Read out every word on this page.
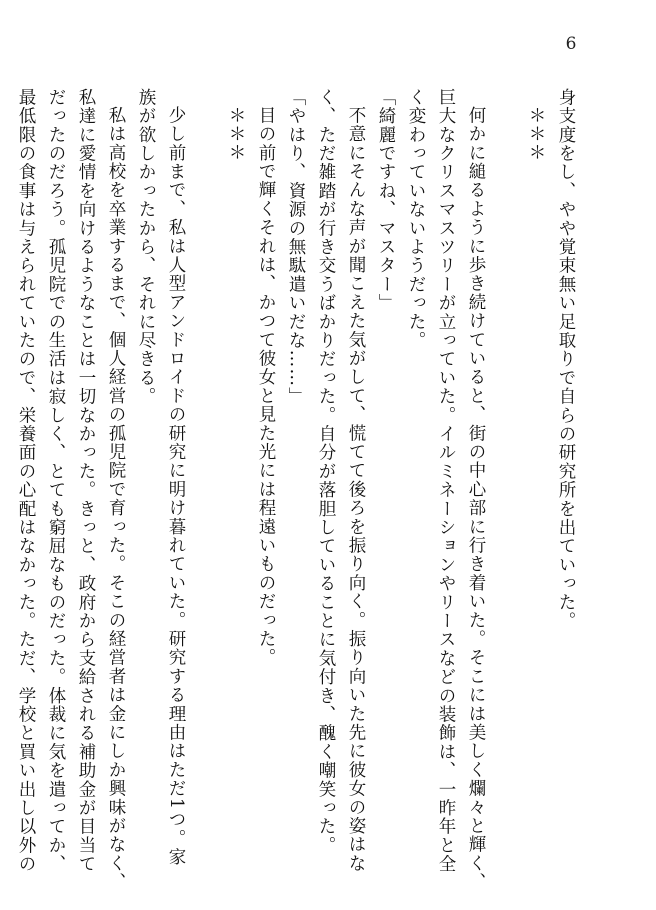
6
身支度をし、やや覚束無い足取りで自らの研究所を出ていった。
＊＊＊
何かに縋るように歩き続けていると、街の中心部に行き着いた。そこには美しく爛々と輝く、
巨大なクリスマスツリーが立っていた。イルミネーションやリースなどの装飾は、一昨年と全
く変わっていないようだった。
「綺麗ですね、マスター」
不意にそんな声が聞こえた気がして、慌てて後ろを振り向く。振り向いた先に彼女の姿はな
く、ただ雑踏が行き交うばかりだった。自分が落胆していることに気付き、醜く嘲笑った。
「やはり、資源の無駄遣いだな……」
目の前で輝くそれは、かつて彼女と見た光には程遠いものだった。
＊＊＊
少し前まで、私は人型アンドロイドの研究に明け暮れていた。研究する理由はただ1つ。家
族が欲しかったから、それに尽きる。
私は高校を卒業するまで、個人経営の孤児院で育った。そこの経営者は金にしか興味がなく、
私達に愛情を向けるようなことは一切なかった。きっと、政府から支給される補助金が目当て
だったのだろう。孤児院での生活は寂しく、とても窮屈なものだった。体裁に気を遣ってか、
最低限の食事は与えられていたので、栄養面の心配はなかった。ただ、学校と買い出し以外の
